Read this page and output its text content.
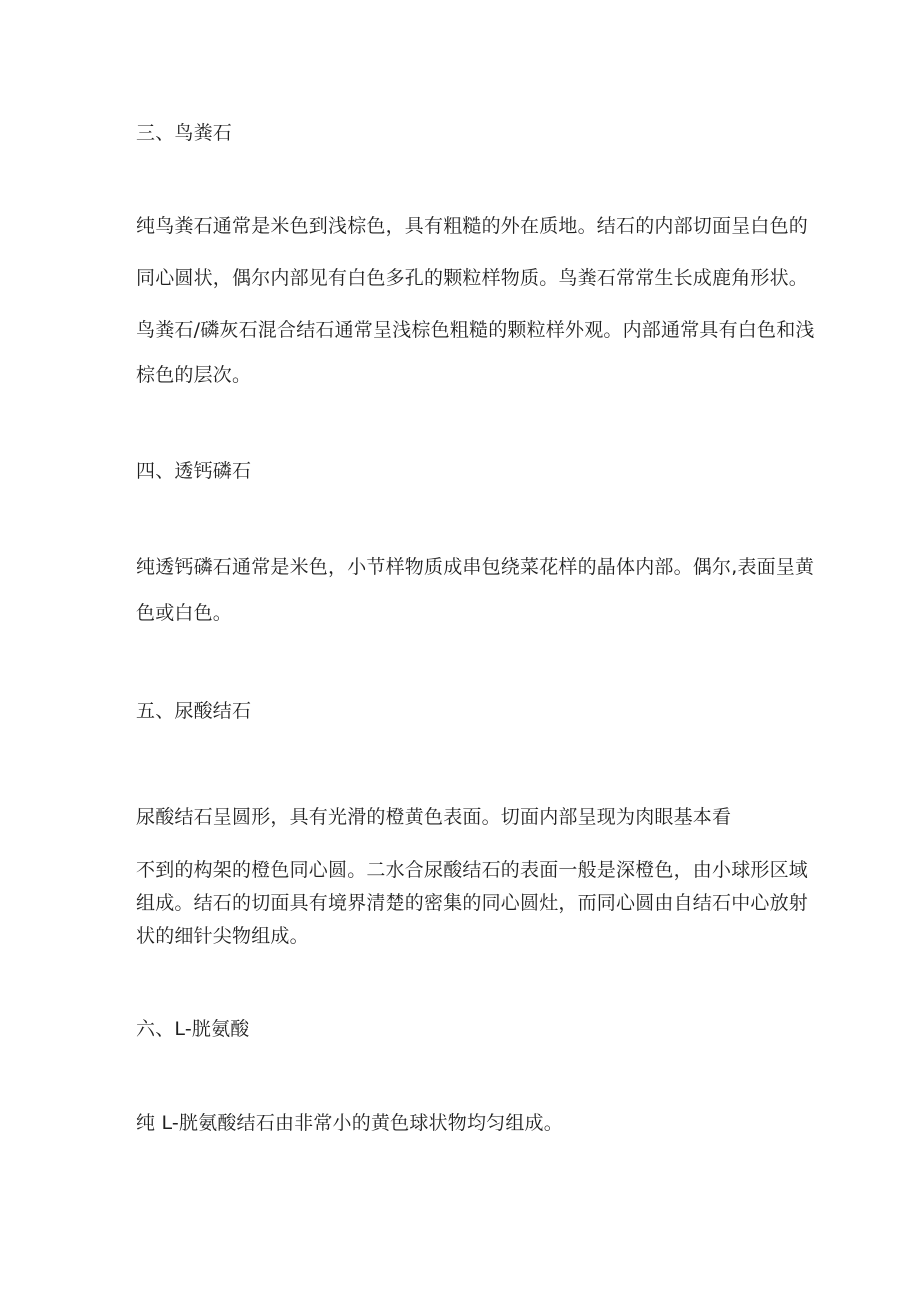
三、鸟粪石
纯鸟粪石通常是米色到浅棕色，具有粗糙的外在质地。结石的内部切面呈白色的
同心圆状，偶尔内部见有白色多孔的颗粒样物质。鸟粪石常常生长成鹿角形状。
鸟粪石/磷灰石混合结石通常呈浅棕色粗糙的颗粒样外观。内部通常具有白色和浅
棕色的层次。
四、透钙磷石
纯透钙磷石通常是米色，小节样物质成串包绕菜花样的晶体内部。偶尔,表面呈黄
色或白色。
五、尿酸结石
尿酸结石呈圆形，具有光滑的橙黄色表面。切面内部呈现为肉眼基本看
不到的构架的橙色同心圆。二水合尿酸结石的表面一般是深橙色，由小球形区域
组成。结石的切面具有境界清楚的密集的同心圆灶，而同心圆由自结石中心放射
状的细针尖物组成。
六、L-胱氨酸
纯 L-胱氨酸结石由非常小的黄色球状物均匀组成。
